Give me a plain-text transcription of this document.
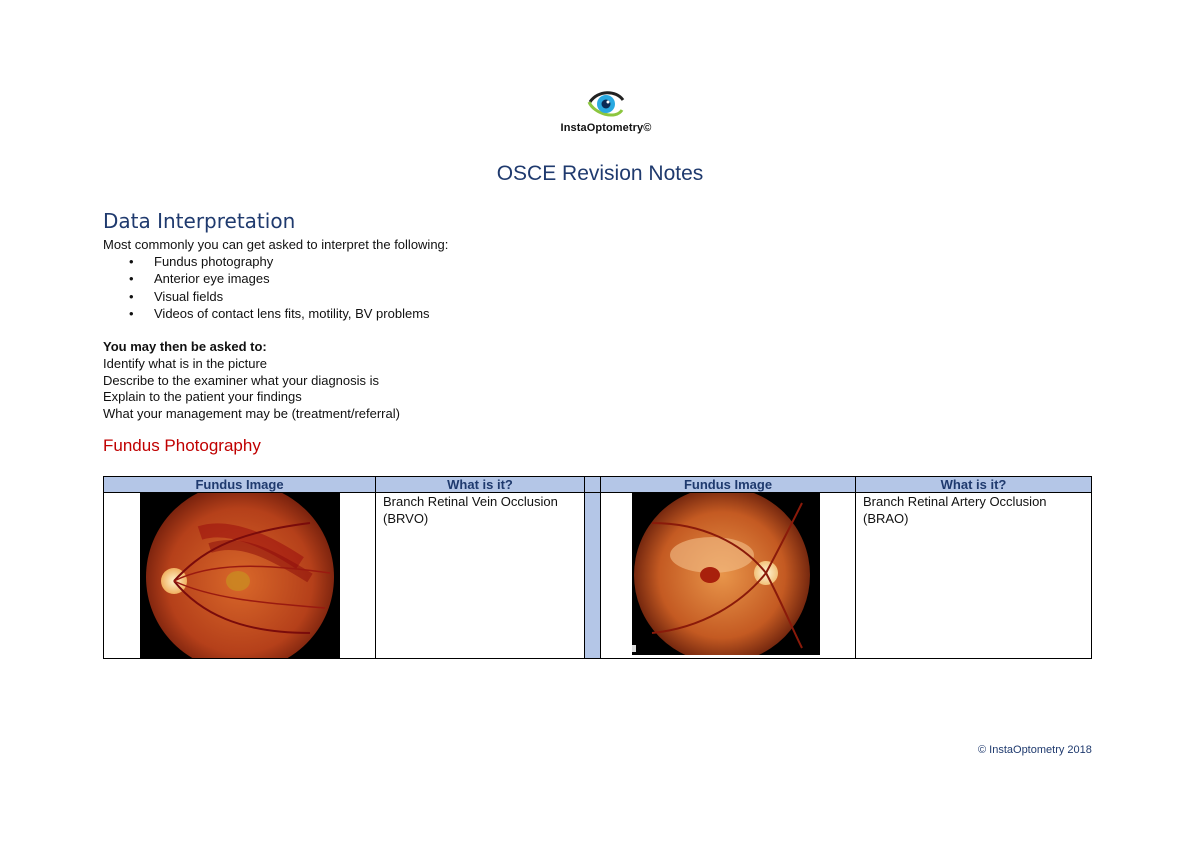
InstaOptometry©
OSCE Revision Notes
Data Interpretation
Most commonly you can get asked to interpret the following:
• Fundus photography
• Anterior eye images
• Visual fields
• Videos of contact lens fits, motility, BV problems
You may then be asked to:
Identify what is in the picture
Describe to the examiner what your diagnosis is
Explain to the patient your findings
What your management may be (treatment/referral)
Fundus Photography
Fundus Image	What is it?		Fundus Image	What is it?

Branch Retinal Vein Occlusion (BRVO)			Branch Retinal Artery Occlusion (BRAO)
© InstaOptometry 2018
